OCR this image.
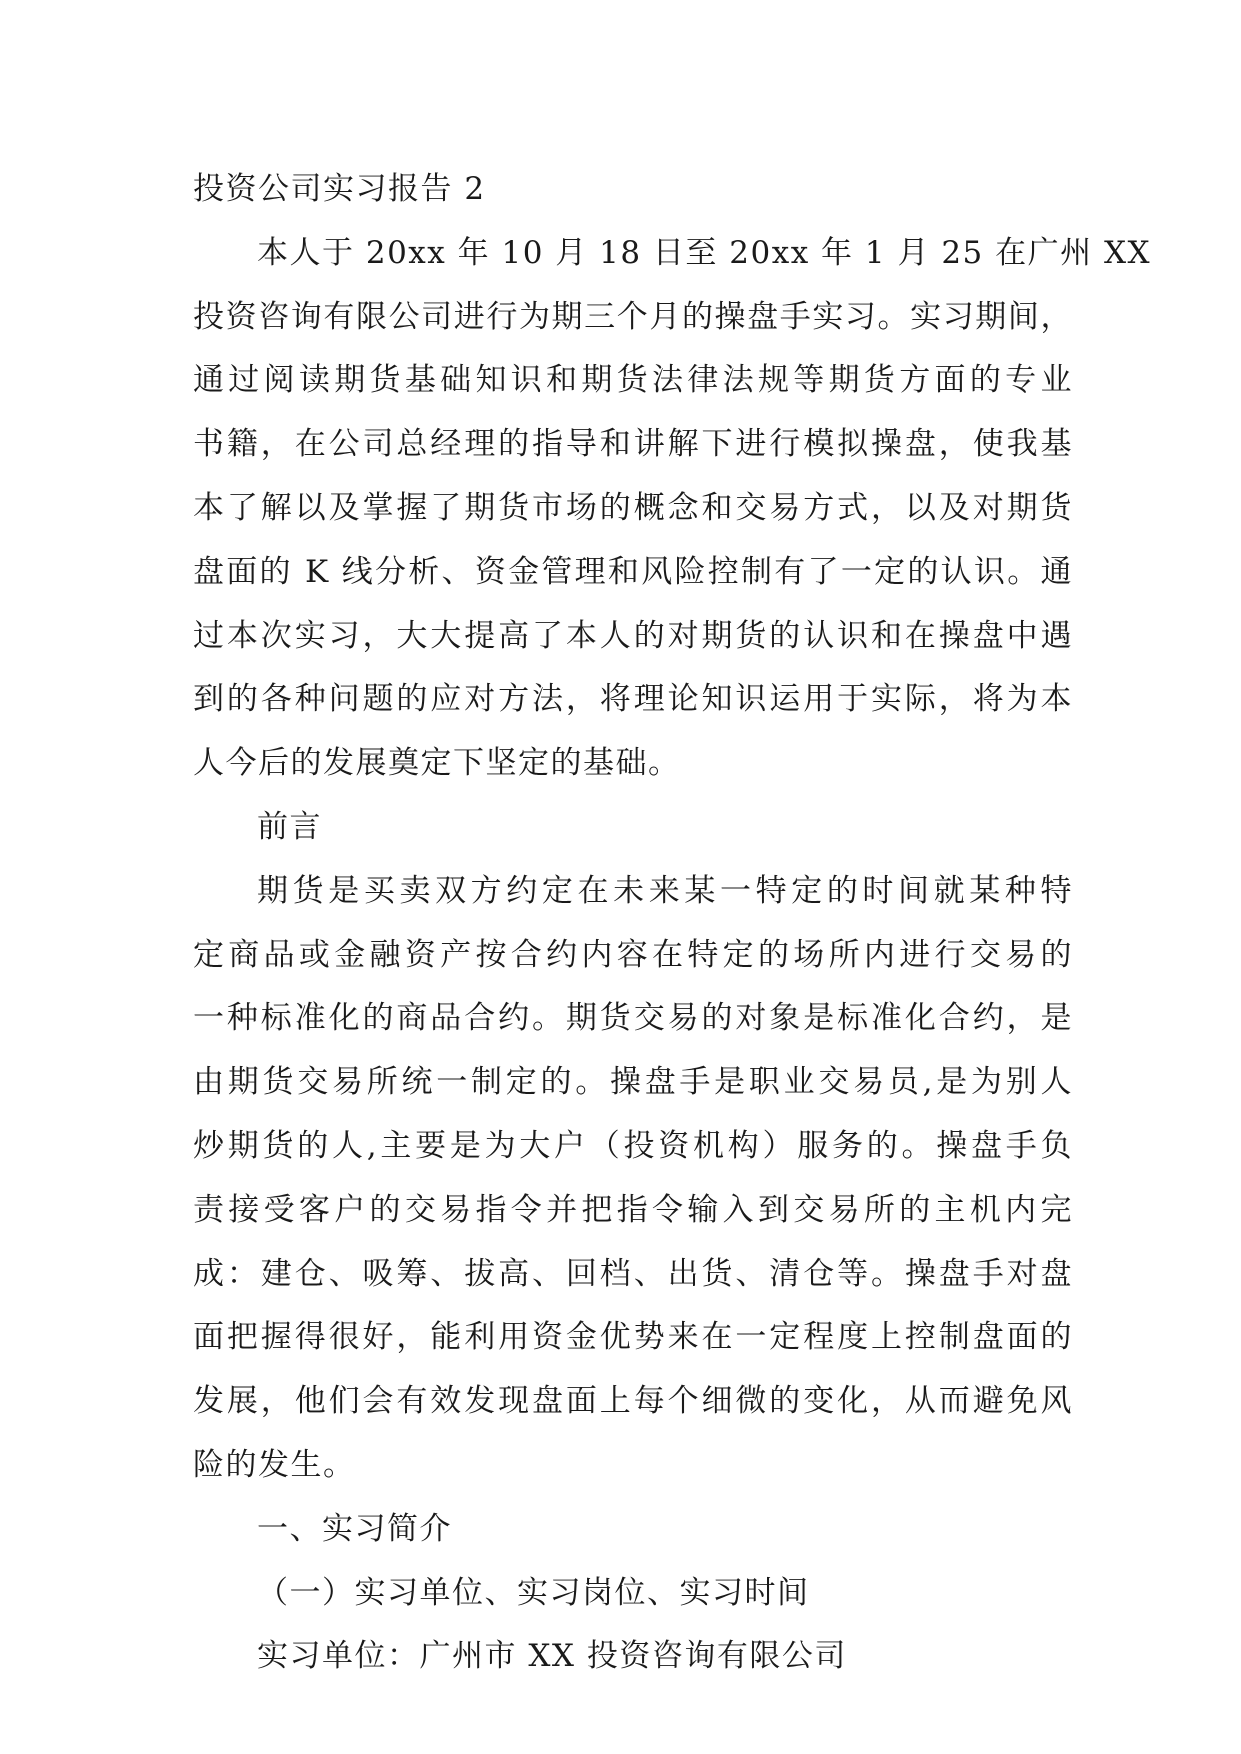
投资公司实习报告 2
本人于 20xx 年 10 月 18 日至 20xx 年 1 月 25 在广州 XX
投资咨询有限公司进行为期三个月的操盘手实习。实习期间，
通过阅读期货基础知识和期货法律法规等期货方面的专业
书籍，在公司总经理的指导和讲解下进行模拟操盘，使我基
本了解以及掌握了期货市场的概念和交易方式，以及对期货
盘面的 K 线分析、资金管理和风险控制有了一定的认识。通
过本次实习，大大提高了本人的对期货的认识和在操盘中遇
到的各种问题的应对方法，将理论知识运用于实际，将为本
人今后的发展奠定下坚定的基础。
前言
期货是买卖双方约定在未来某一特定的时间就某种特
定商品或金融资产按合约内容在特定的场所内进行交易的
一种标准化的商品合约。期货交易的对象是标准化合约，是
由期货交易所统一制定的。操盘手是职业交易员,是为别人
炒期货的人,主要是为大户（投资机构）服务的。操盘手负
责接受客户的交易指令并把指令输入到交易所的主机内完
成：建仓、吸筹、拔高、回档、出货、清仓等。操盘手对盘
面把握得很好，能利用资金优势来在一定程度上控制盘面的
发展，他们会有效发现盘面上每个细微的变化，从而避免风
险的发生。
一、实习简介
（一）实习单位、实习岗位、实习时间
实习单位：广州市 XX 投资咨询有限公司
